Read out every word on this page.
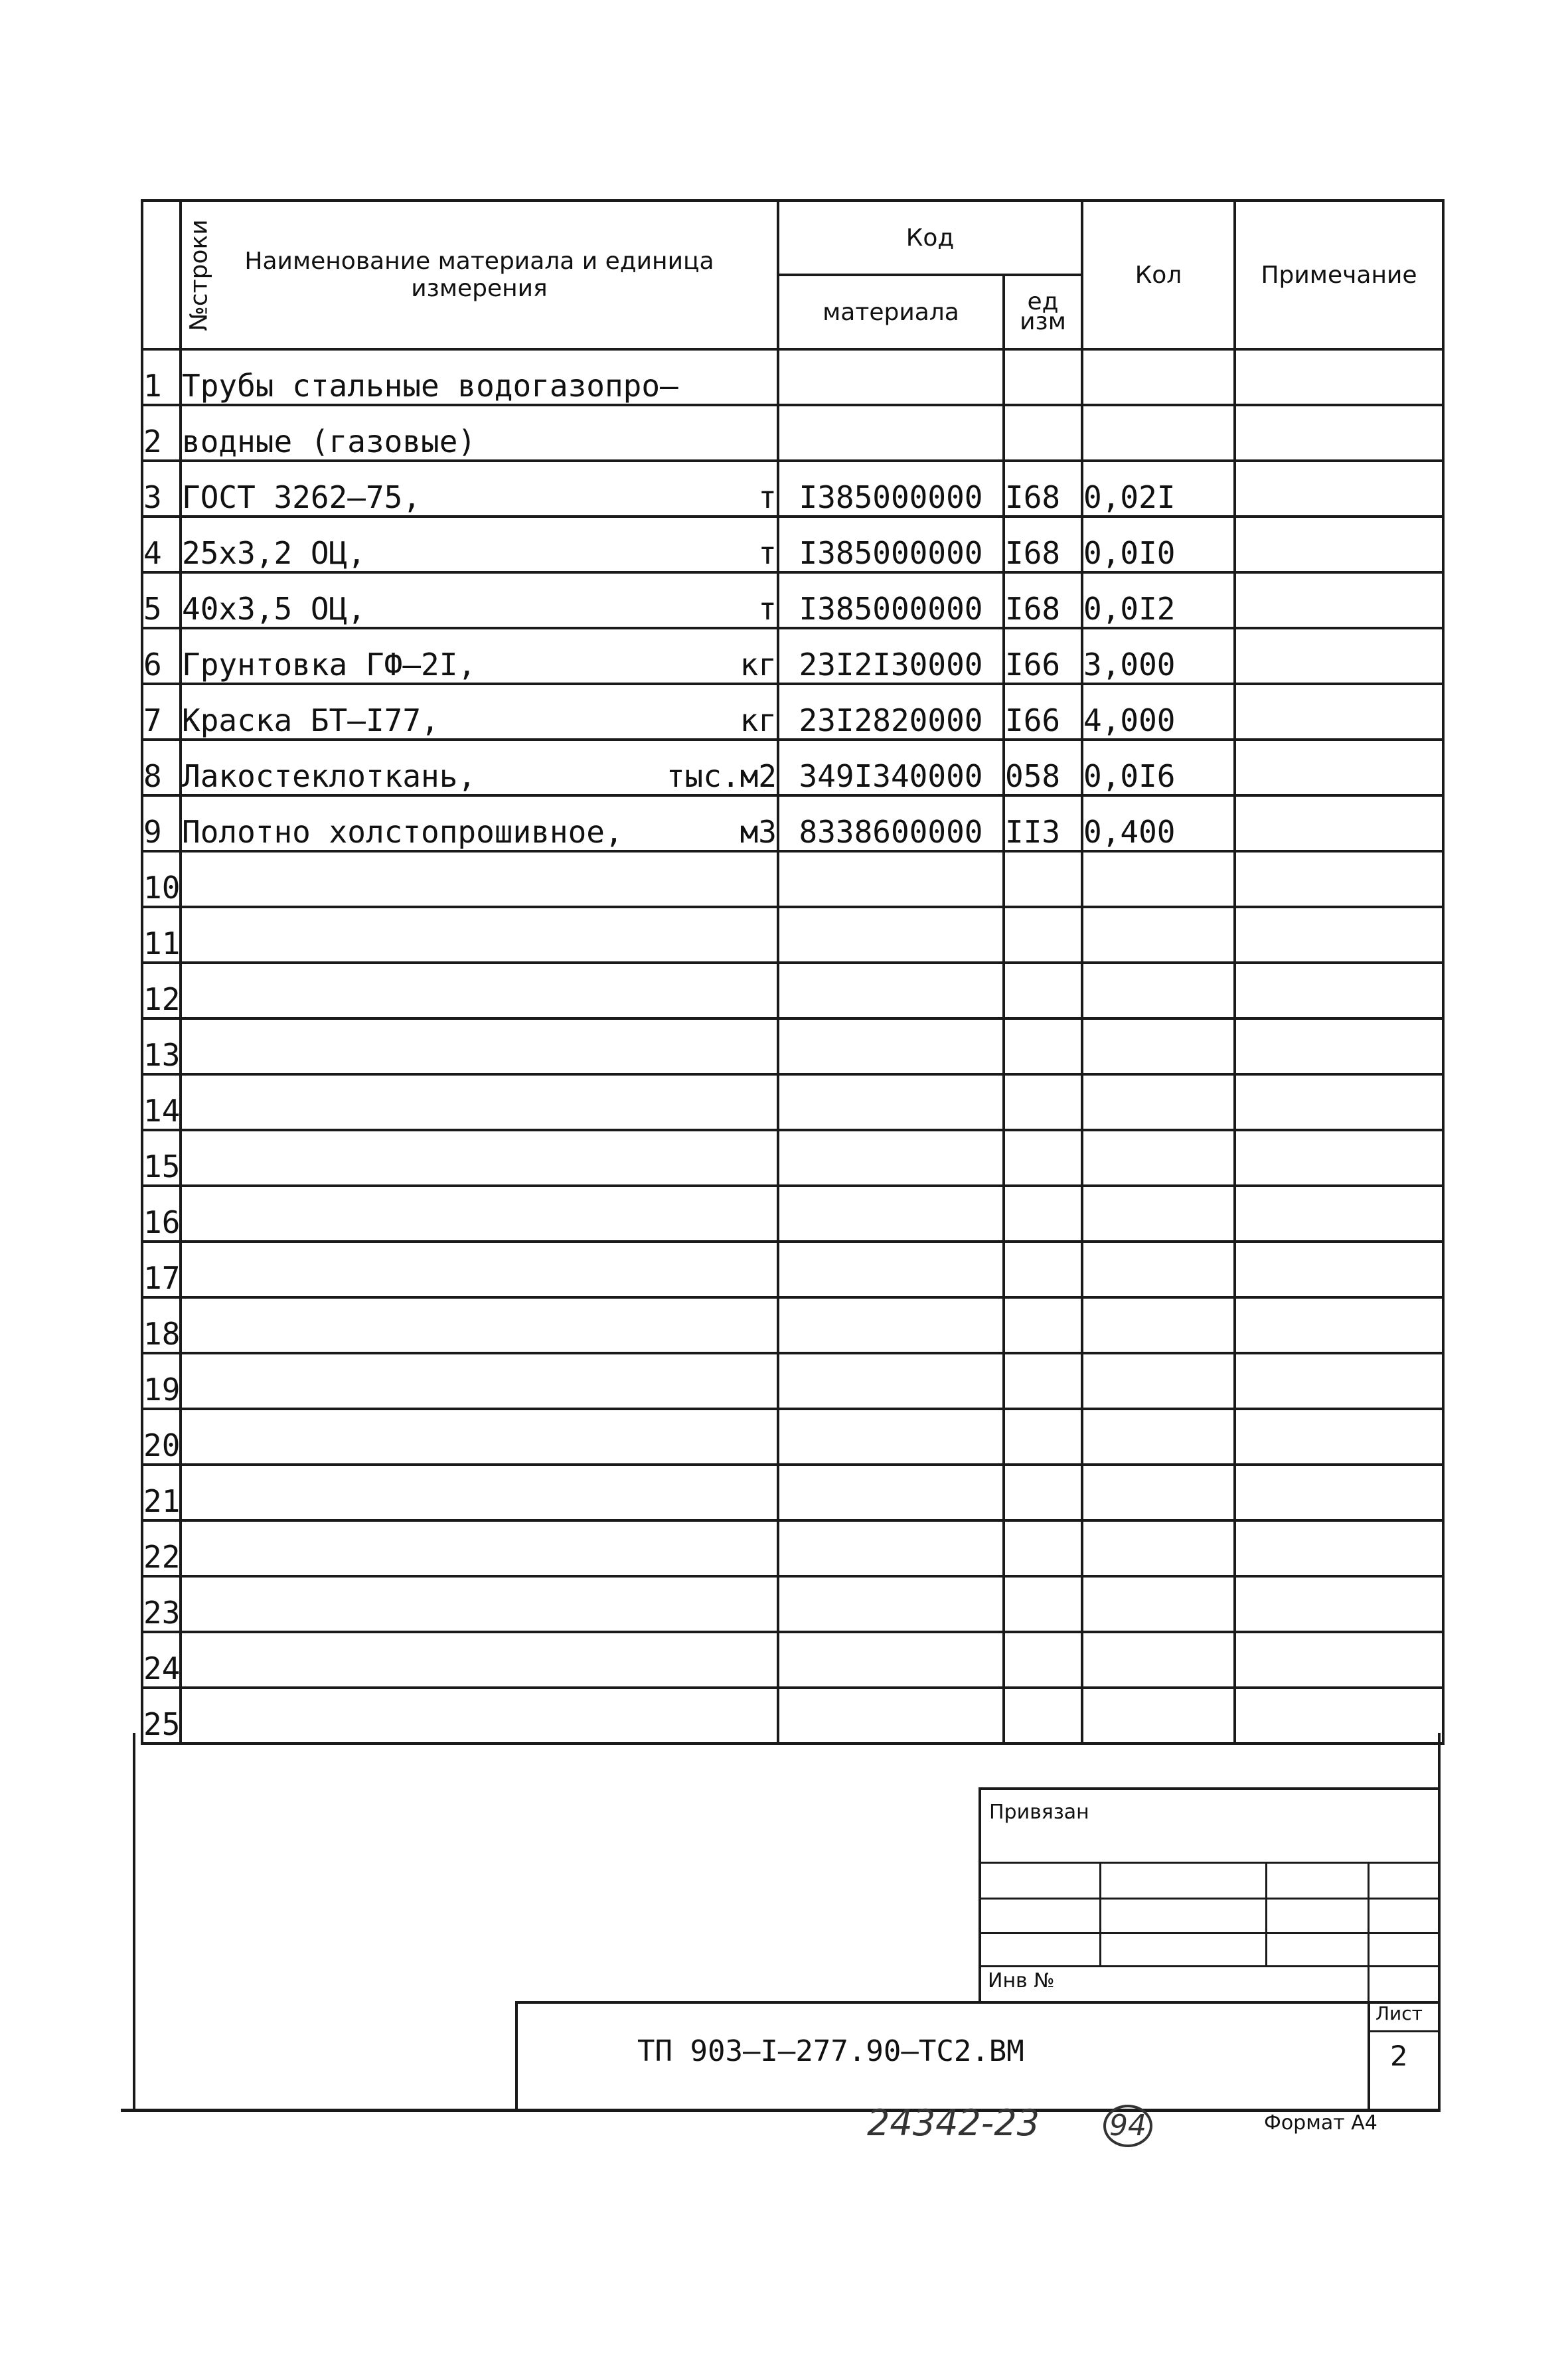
№строки	Наименование материала и единица измерения	Код		Кол	Примечание
		материала	ед изм		
1	Трубы стальные водогазопро–				

2	водные (газовые)				

3	ГОСТ 3262–75, т	I385000000	I68	0,02I	
4	25x3,2 ОЦ, т	I385000000	I68	0,0I0	
5	40x3,5 ОЦ, т	I385000000	I68	0,0I2	
6	Грунтовка ГФ–2I, кг	23I2I30000	I66	3,000	
7	Краска БТ–I77, кг	23I2820000	I66	4,000	
8	Лакостеклоткань, тыс.м2	349I340000	058	0,0I6	
9	Полотно холстопрошивное, м3	8338600000	II3	0,400	
10	

11	

12	

13	

14	

15	

16	

17	

18	

19	

20	

21	

22	

23	

24	

25	

Привязан
Инв №
ТП 903–I–277.90–ТС2.ВМ
Лист
2
24342-23 94	Формат А4
